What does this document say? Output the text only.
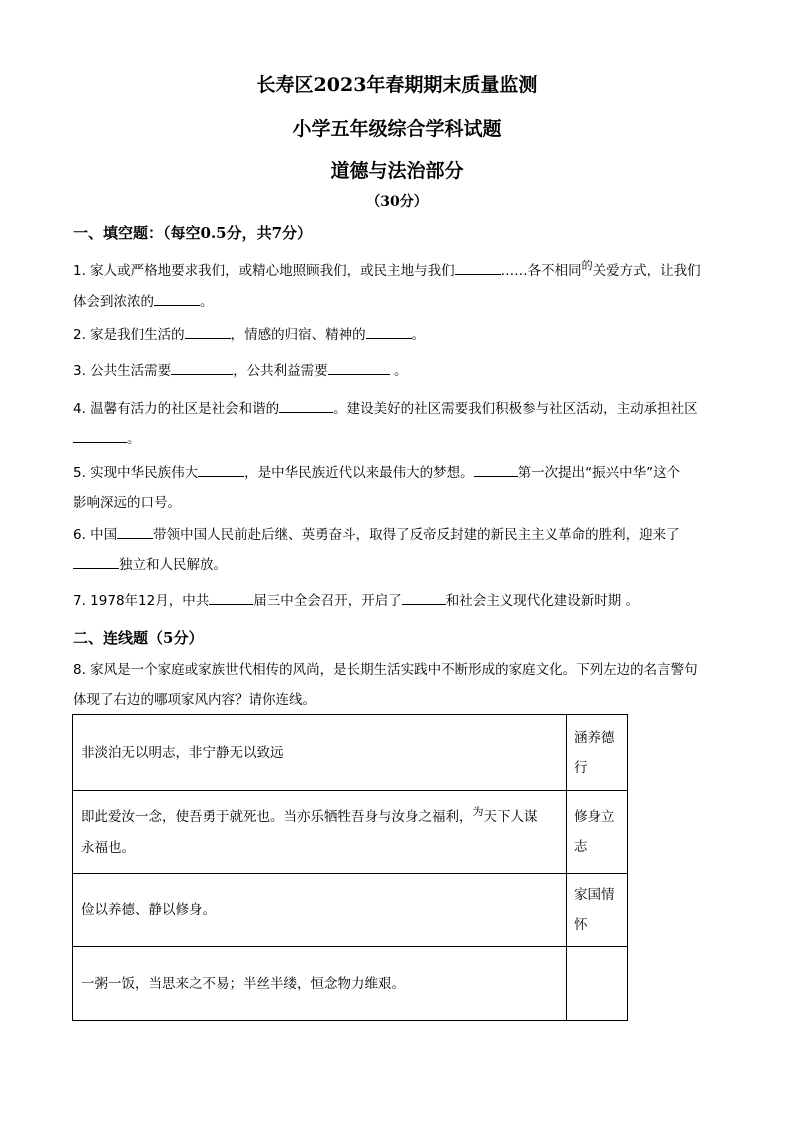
长寿区2023年春期期末质量监测
小学五年级综合学科试题
道德与法治部分
（30分）
一、填空题：（每空0.5分，共7分）
1. 家人或严格地要求我们，或精心地照顾我们，或民主地与我们	……各不相同$^的$关爱方式，让我们
体会到浓浓的	。
2. 家是我们生活的	，情感的归宿、精神的	。
3. 公共生活需要	，公共利益需要	。
4. 温馨有活力的社区是社会和谐的	。建设美好的社区需要我们积极参与社区活动，主动承担社区
。
5. 实现中华民族伟大	，是中华民族近代以来最伟大的梦想。	第一次提出“振兴中华”这个
影响深远的口号。
6. 中国	带领中国人民前赴后继、英勇奋斗，取得了反帝反封建的新民主主义革命的胜利，迎来了
独立和人民解放。
7. 1978年12月，中共	届三中全会召开，开启了	和社会主义现代化建设新时期 。
二、连线题（5分）
8. 家风是一个家庭或家族世代相传的风尚，是长期生活实践中不断形成的家庭文化。下列左边的名言警句
体现了右边的哪项家风内容？请你连线。
非淡泊无以明志，非宁静无以致远	涵养德
行
即此爱汝一念，使吾勇于就死也。当亦乐牺牲吾身与汝身之福利，$^为$天下人谋
永福也。	修身立
志
俭以养德、静以修身。	家国情
怀
一粥一饭，当思来之不易；半丝半缕，恒念物力维艰。	
